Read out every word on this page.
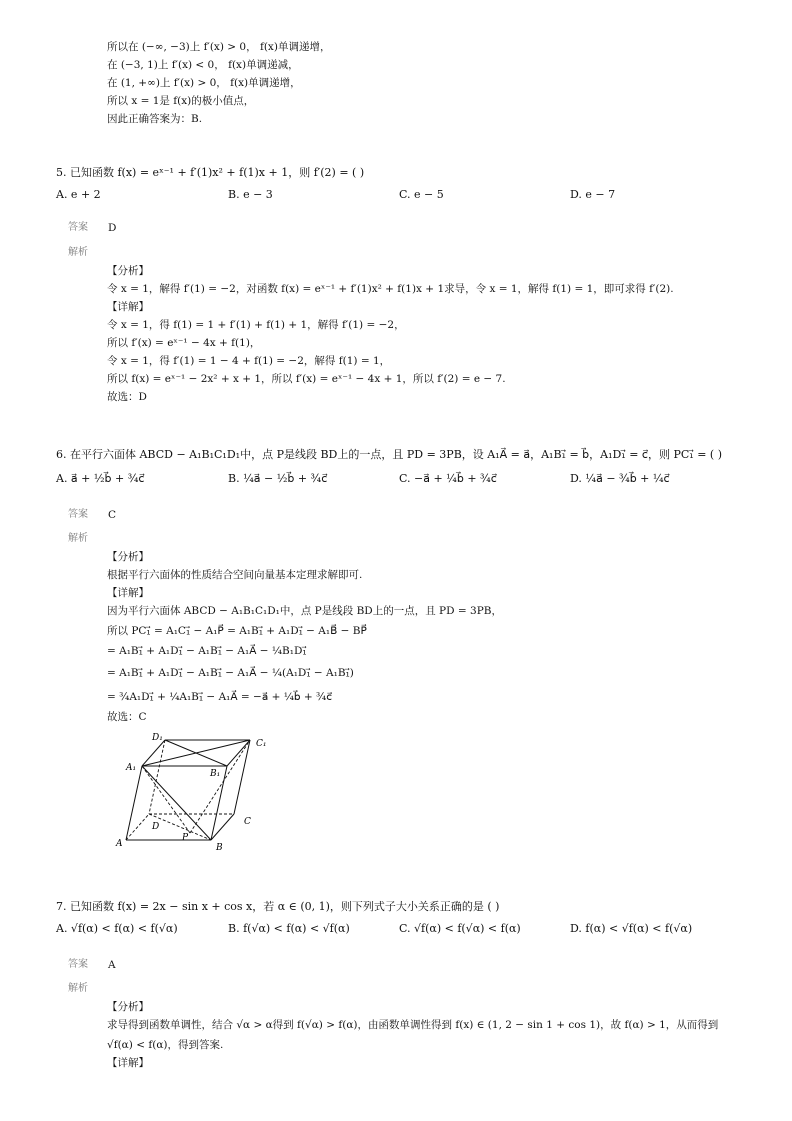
所以在 (−∞, −3)上 f′(x) > 0， f(x)单调递增，
在 (−3, 1)上 f′(x) < 0， f(x)单调递减，
在 (1, +∞)上 f′(x) > 0， f(x)单调递增，
所以 x = 1是 f(x)的极小值点，
因此正确答案为：B.
5. 已知函数 f(x) = eˣ⁻¹ + f′(1)x² + f(1)x + 1，则 f′(2) = ( )
A. e + 2	B. e − 3	C. e − 5	D. e − 7
答案 D
解析
【分析】
令 x = 1，解得 f′(1) = −2，对函数 f(x) = eˣ⁻¹ + f′(1)x² + f(1)x + 1求导，令 x = 1，解得 f(1) = 1，即可求得 f′(2).
【详解】
令 x = 1，得 f(1) = 1 + f′(1) + f(1) + 1，解得 f′(1) = −2，
所以 f′(x) = eˣ⁻¹ − 4x + f(1)，
令 x = 1，得 f′(1) = 1 − 4 + f(1) = −2，解得 f(1) = 1，
所以 f(x) = eˣ⁻¹ − 2x² + x + 1，所以 f′(x) = eˣ⁻¹ − 4x + 1，所以 f′(2) = e − 7.
故选：D
6. 在平行六面体 ABCD − A₁B₁C₁D₁中，点 P是线段 BD上的一点，且 PD = 3PB，设 A₁A⃗ = a⃗，A₁B₁⃗ = b⃗，A₁D₁⃗ = c⃗，则 PC₁⃗ = ( )
A. a⃗ + ½b⃗ + ¾c⃗	B. ¼a⃗ − ½b⃗ + ¾c⃗	C. −a⃗ + ¼b⃗ + ¾c⃗	D. ¼a⃗ − ¾b⃗ + ¼c⃗
答案 C
解析
【分析】
根据平行六面体的性质结合空间向量基本定理求解即可.
【详解】
因为平行六面体 ABCD − A₁B₁C₁D₁中，点 P是线段 BD上的一点，且 PD = 3PB，
所以 PC₁⃗ = A₁C₁⃗ − A₁P⃗ = A₁B₁⃗ + A₁D₁⃗ − A₁B⃗ − BP⃗
= A₁B₁⃗ + A₁D₁⃗ − A₁B₁⃗ − A₁A⃗ − ¼B₁D₁⃗
= A₁B₁⃗ + A₁D₁⃗ − A₁B₁⃗ − A₁A⃗ − ¼(A₁D₁⃗ − A₁B₁⃗)
= ¾A₁D₁⃗ + ¼A₁B₁⃗ − A₁A⃗ = −a⃗ + ¼b⃗ + ¾c⃗
故选：C
D₁
C₁
A₁
B₁
D	C
P
A	B
7. 已知函数 f(x) = 2x − sin x + cos x，若 α ∈ (0, 1)，则下列式子大小关系正确的是 ( )
A. √f(α) < f(α) < f(√α)	B. f(√α) < f(α) < √f(α)	C. √f(α) < f(√α) < f(α)	D. f(α) < √f(α) < f(√α)
答案 A
解析
【分析】
求导得到函数单调性，结合 √α > α得到 f(√α) > f(α)，由函数单调性得到 f(x) ∈ (1, 2 − sin 1 + cos 1)，故 f(α) > 1，从而得到
√f(α) < f(α)，得到答案.
【详解】
